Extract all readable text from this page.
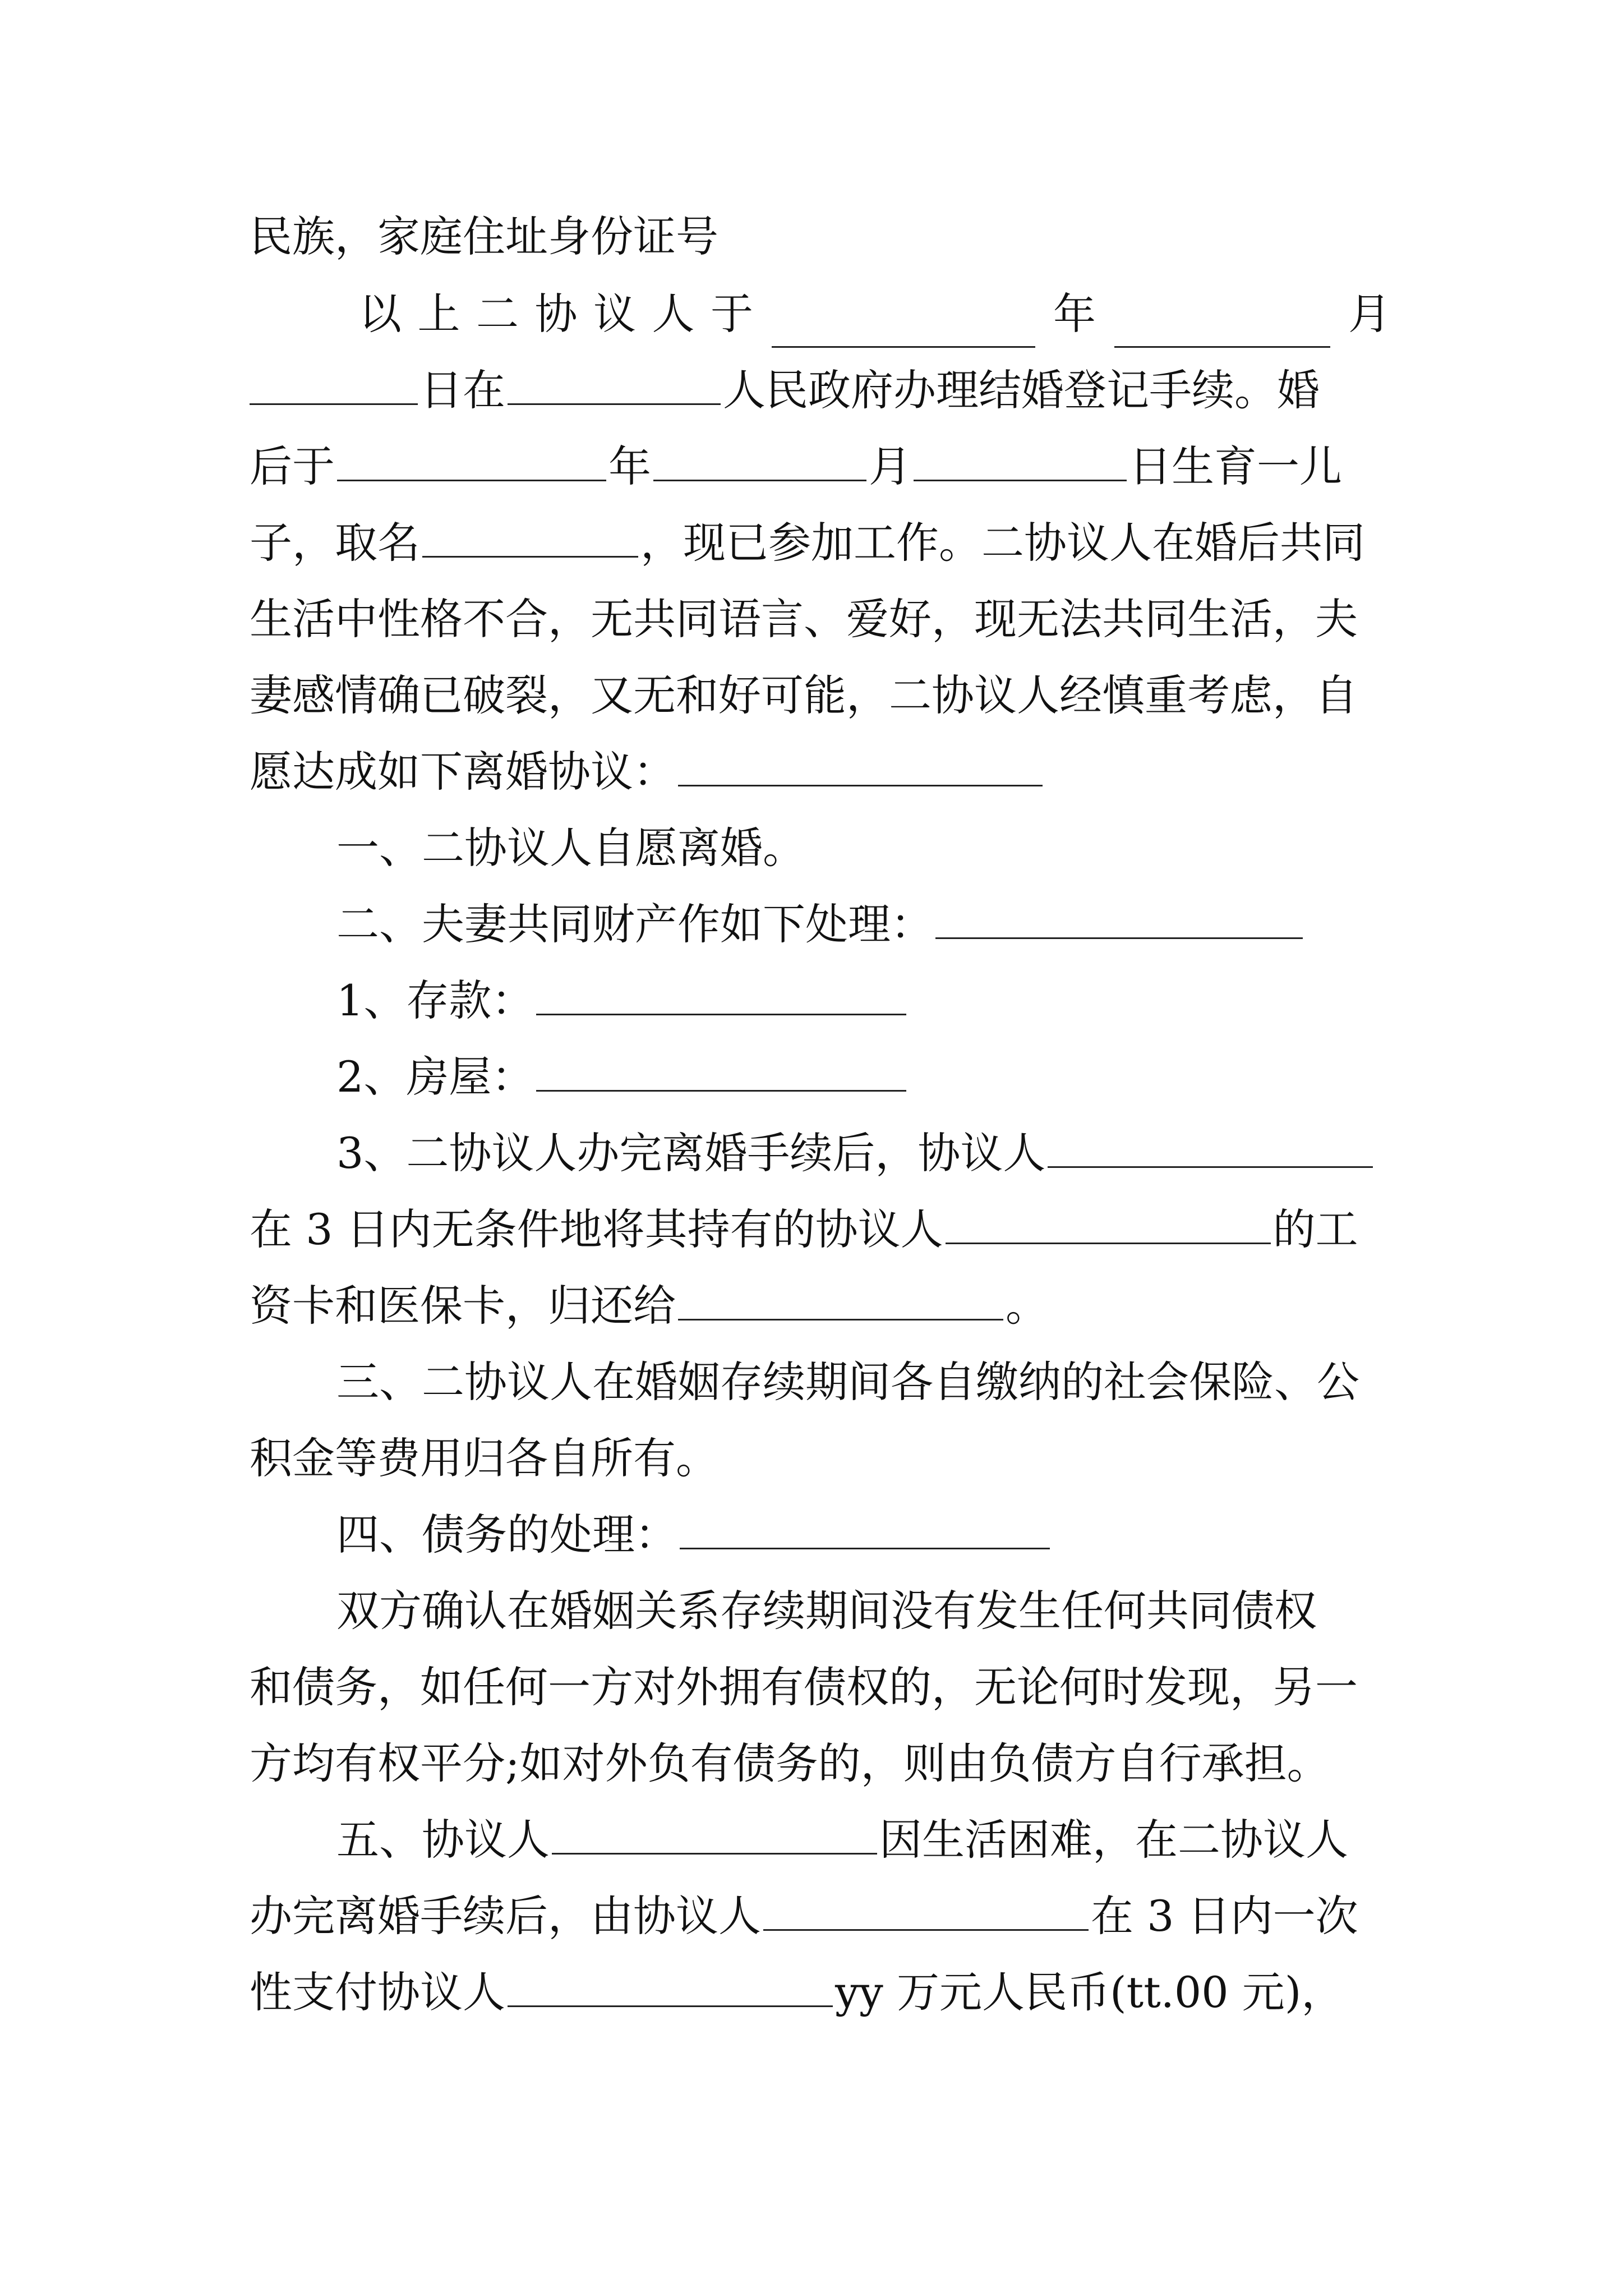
民族，家庭住址身份证号
以 上 二 协 议 人 于	年	月
日在	人民政府办理结婚登记手续。婚
后于	年	月	日生育一儿
子，取名	，现已参加工作。二协议人在婚后共同
生活中性格不合，无共同语言、爱好，现无法共同生活，夫
妻感情确已破裂，又无和好可能，二协议人经慎重考虑，自
愿达成如下离婚协议：
一、二协议人自愿离婚。
二、夫妻共同财产作如下处理：
1、存款：
2、房屋：
3、二协议人办完离婚手续后，协议人
在 3 日内无条件地将其持有的协议人	的工
资卡和医保卡，归还给	。
三、二协议人在婚姻存续期间各自缴纳的社会保险、公
积金等费用归各自所有。
四、债务的处理：
双方确认在婚姻关系存续期间没有发生任何共同债权
和债务，如任何一方对外拥有债权的，无论何时发现，另一
方均有权平分;如对外负有债务的，则由负债方自行承担。
五、协议人	因生活困难，在二协议人
办完离婚手续后，由协议人	在 3 日内一次
性支付协议人	yy 万元人民币(tt.00 元)，
